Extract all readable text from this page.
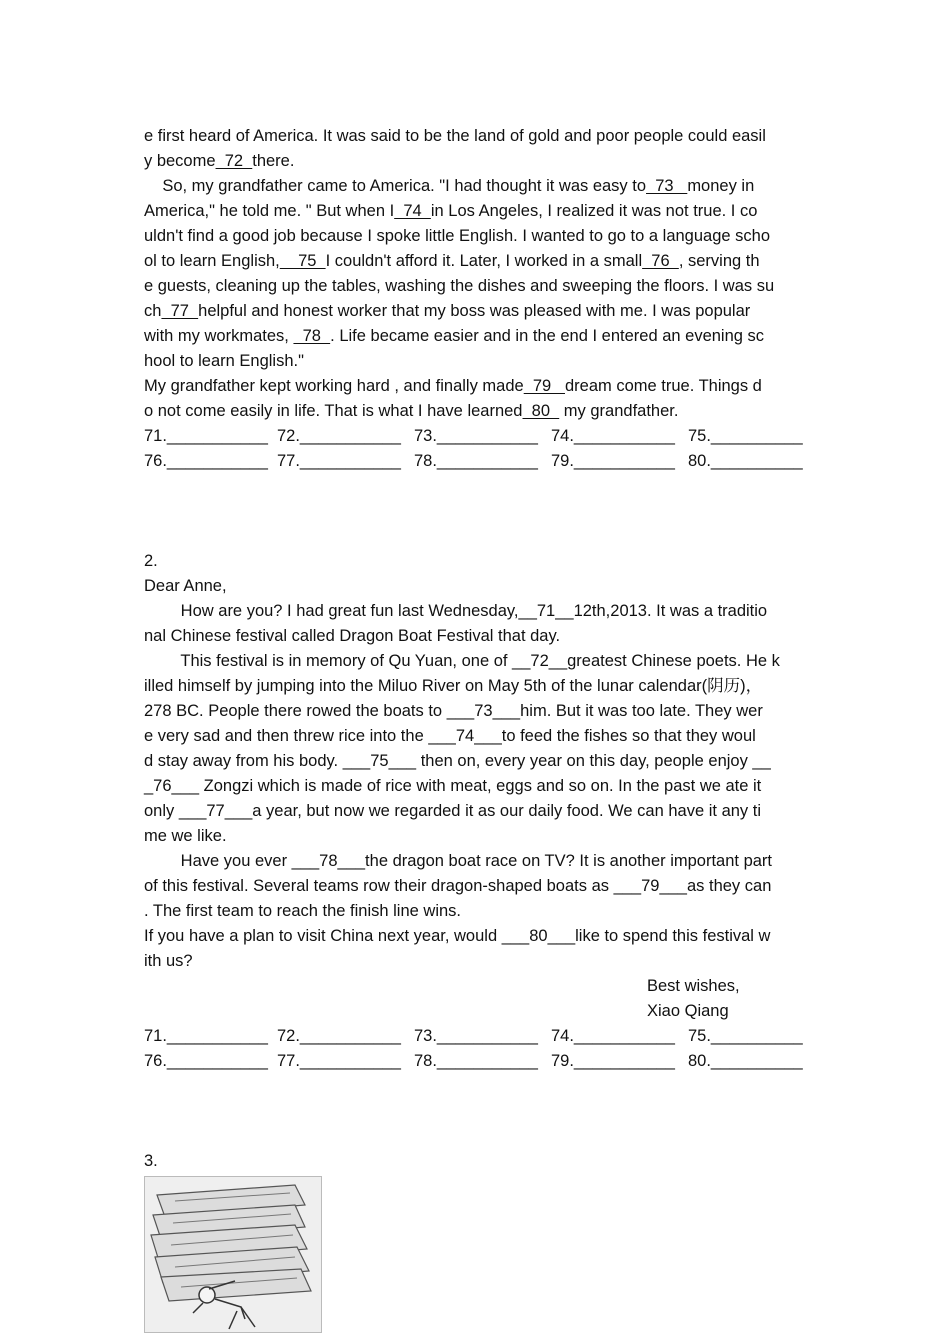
e first heard of America. It was said to be the land of gold and poor people could easil
y become  72  there.
So, my grandfather came to America. "I had thought it was easy to  73   money in
America," he told me. " But when I  74  in Los Angeles, I realized it was not true. I co
uldn't find a good job because I spoke little English. I wanted to go to a language scho
ol to learn English,    75  I couldn't afford it. Later, I worked in a small  76  , serving th
e guests, cleaning up the tables, washing the dishes and sweeping the floors. I was su
ch  77  helpful and honest worker that my boss was pleased with me. I was popular
with my workmates,   78  . Life became easier and in the end I entered an evening sc
hool to learn English."
My grandfather kept working hard , and finally made  79   dream come true. Things d
o not come easily in life. That is what I have learned  80   my grandfather.
71.___________ 72.___________ 73.___________ 74.___________ 75.__________
76.___________ 77.___________ 78.___________ 79.___________ 80.__________
2.
Dear Anne,
How are you? I had great fun last Wednesday,__71__12th,2013. It was a traditio
nal Chinese festival called Dragon Boat Festival that day.
This festival is in memory of Qu Yuan, one of __72__greatest Chinese poets. He k
illed himself by jumping into the Miluo River on May 5th of the lunar calendar(阴历)，
278 BC. People there rowed the boats to ___73___him. But it was too late. They wer
e very sad and then threw rice into the ___74___to feed the fishes so that they woul
d stay away from his body. ___75___ then on, every year on this day, people enjoy __
_76___ Zongzi which is made of rice with meat, eggs and so on. In the past we ate it
only ___77___a year, but now we regarded it as our daily food. We can have it any ti
me we like.
Have you ever ___78___the dragon boat race on TV? It is another important part
of this festival. Several teams row their dragon-shaped boats as ___79___as they can
. The first team to reach the finish line wins.
If you have a plan to visit China next year, would ___80___like to spend this festival w
ith us?
Best wishes,
Xiao Qiang
71.___________ 72.___________ 73.___________ 74.___________ 75.__________
76.___________ 77.___________ 78.___________ 79.___________ 80.__________
3.
